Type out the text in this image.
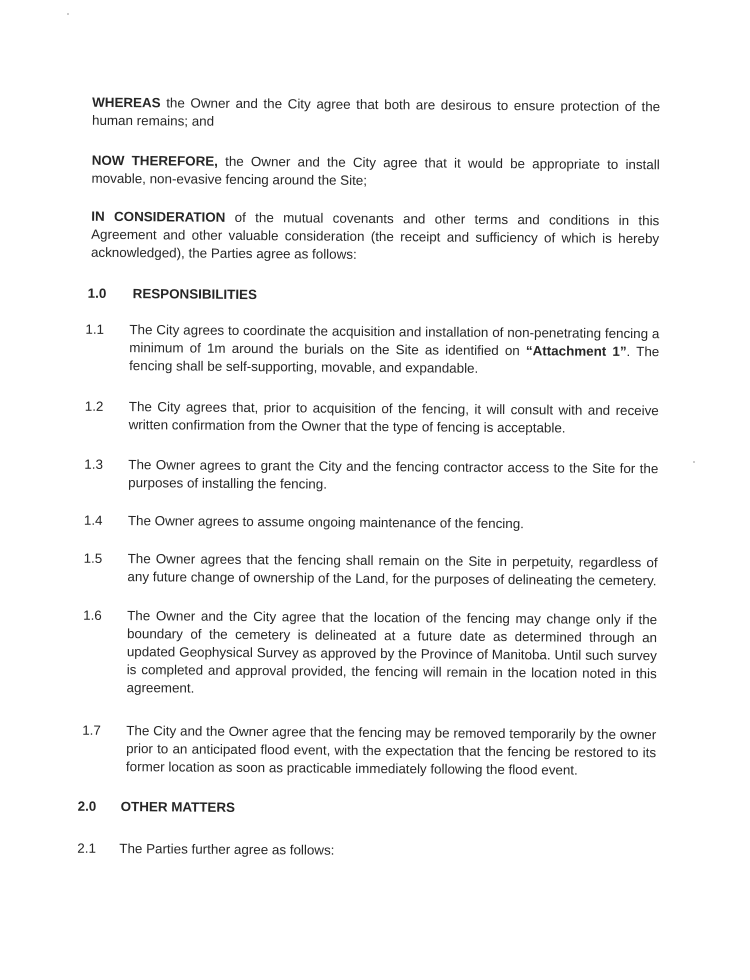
WHEREAS the Owner and the City agree that both are desirous to ensure protection of the human remains; and

NOW THEREFORE, the Owner and the City agree that it would be appropriate to install movable, non-evasive fencing around the Site;

IN CONSIDERATION of the mutual covenants and other terms and conditions in this Agreement and other valuable consideration (the receipt and sufficiency of which is hereby acknowledged), the Parties agree as follows:

1.0 RESPONSIBILITIES
1.1 The City agrees to coordinate the acquisition and installation of non-penetrating fencing a minimum of 1m around the burials on the Site as identified on “Attachment 1”. The fencing shall be self-supporting, movable, and expandable.
1.2 The City agrees that, prior to acquisition of the fencing, it will consult with and receive written confirmation from the Owner that the type of fencing is acceptable.
1.3 The Owner agrees to grant the City and the fencing contractor access to the Site for the purposes of installing the fencing.
1.4 The Owner agrees to assume ongoing maintenance of the fencing.
1.5 The Owner agrees that the fencing shall remain on the Site in perpetuity, regardless of any future change of ownership of the Land, for the purposes of delineating the cemetery.
1.6 The Owner and the City agree that the location of the fencing may change only if the boundary of the cemetery is delineated at a future date as determined through an updated Geophysical Survey as approved by the Province of Manitoba. Until such survey is completed and approval provided, the fencing will remain in the location noted in this agreement.
1.7 The City and the Owner agree that the fencing may be removed temporarily by the owner prior to an anticipated flood event, with the expectation that the fencing be restored to its former location as soon as practicable immediately following the flood event.
2.0 OTHER MATTERS
2.1 The Parties further agree as follows:
